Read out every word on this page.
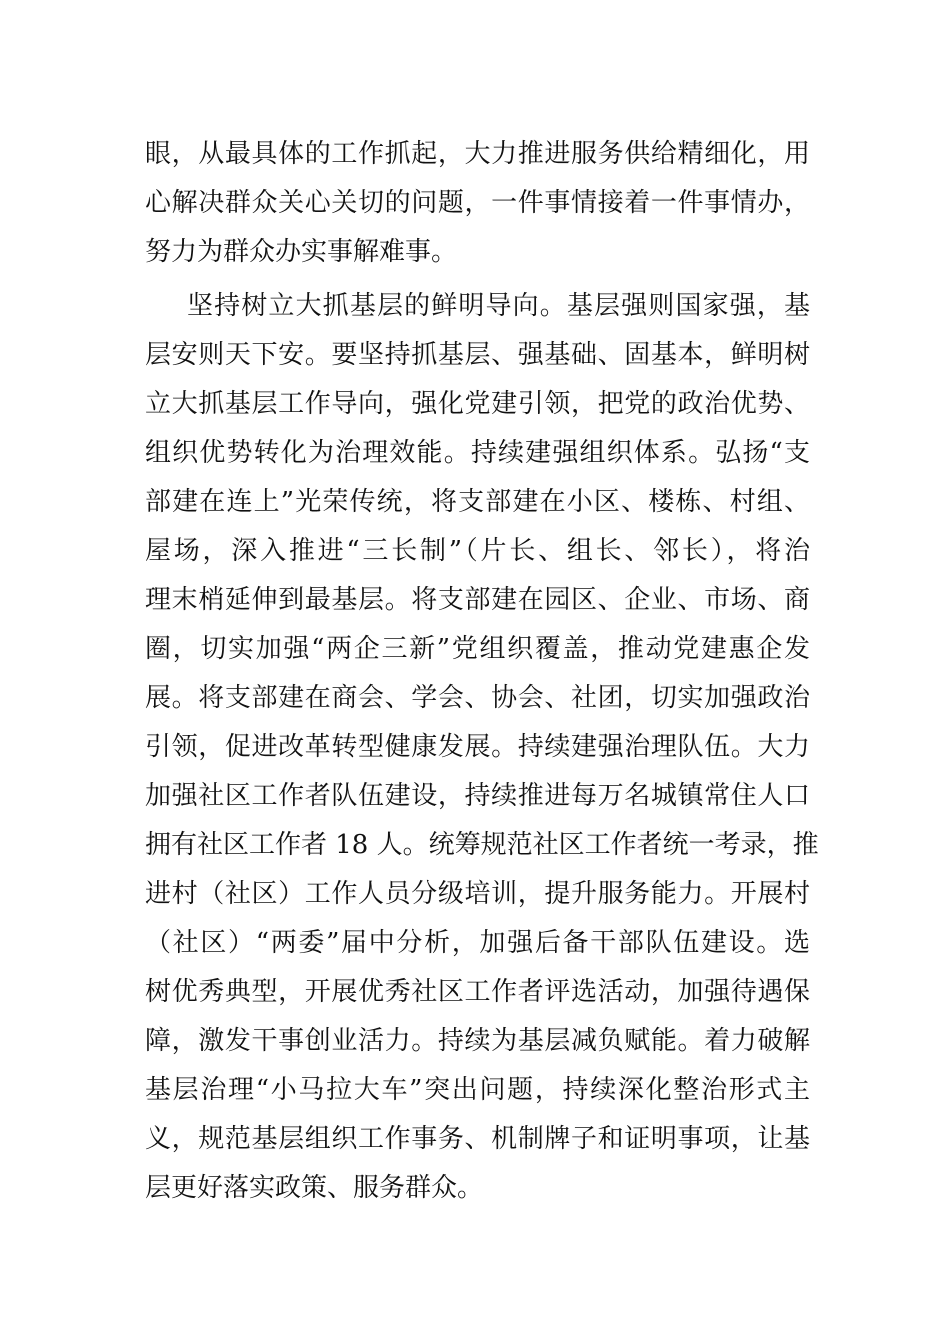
眼，从最具体的工作抓起，大力推进服务供给精细化，用
心解决群众关心关切的问题，一件事情接着一件事情办，
努力为群众办实事解难事。
坚持树立大抓基层的鲜明导向。基层强则国家强，基
层安则天下安。要坚持抓基层、强基础、固基本，鲜明树
立大抓基层工作导向，强化党建引领，把党的政治优势、
组织优势转化为治理效能。持续建强组织体系。弘扬“支
部建在连上”光荣传统，将支部建在小区、楼栋、村组、
屋场，深入推进“三长制”（片长、组长、邻长），将治
理末梢延伸到最基层。将支部建在园区、企业、市场、商
圈，切实加强“两企三新”党组织覆盖，推动党建惠企发
展。将支部建在商会、学会、协会、社团，切实加强政治
引领，促进改革转型健康发展。持续建强治理队伍。大力
加强社区工作者队伍建设，持续推进每万名城镇常住人口
拥有社区工作者 18 人。统筹规范社区工作者统一考录，推
进村（社区）工作人员分级培训，提升服务能力。开展村
（社区）“两委”届中分析，加强后备干部队伍建设。选
树优秀典型，开展优秀社区工作者评选活动，加强待遇保
障，激发干事创业活力。持续为基层减负赋能。着力破解
基层治理“小马拉大车”突出问题，持续深化整治形式主
义，规范基层组织工作事务、机制牌子和证明事项，让基
层更好落实政策、服务群众。
